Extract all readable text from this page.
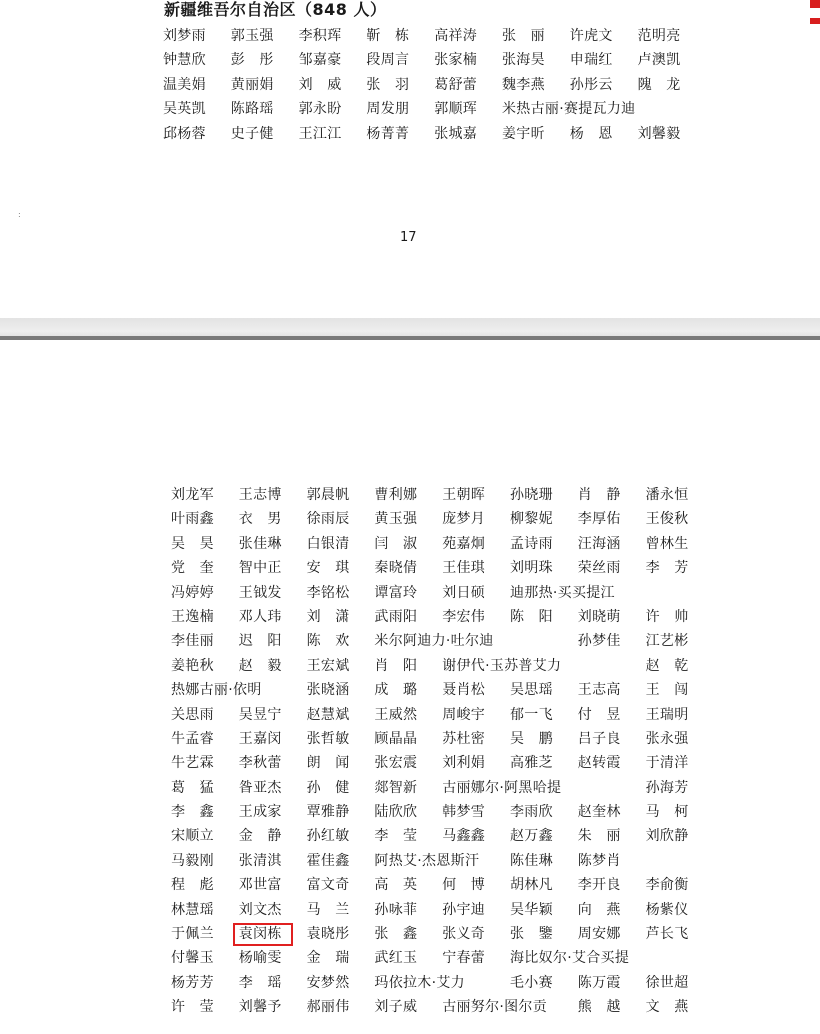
新疆维吾尔自治区（848 人）
刘梦雨 郭玉强 李积珲 靳　栋 高祥涛 张　丽 许虎文 范明亮
钟慧欣 彭　彤 邹嘉豪 段周言 张家楠 张海昊 申瑞红 卢澳凯
温美娟 黄丽娟 刘　威 张　羽 葛舒蕾 魏李燕 孙彤云 隗　龙
吴英凯 陈路瑶 郭永盼 周发朋 郭顺珲 米热古丽·赛提瓦力迪
邱杨蓉 史子健 王江江 杨菁菁 张城嘉 姜宇昕 杨　恩 刘馨毅
17
:
刘龙军 王志博 郭晨帆 曹利娜 王朝晖 孙晓珊 肖　静 潘永恒
叶雨鑫 衣　男 徐雨辰 黄玉强 庞梦月 柳黎妮 李厚佑 王俊秋
吴　昊 张佳琳 白银清 闫　淑 苑嘉炯 孟诗雨 汪海涵 曾林生
党　奎 智中正 安　琪 秦晓倩 王佳琪 刘明珠 荣丝雨 李　芳
冯婷婷 王钺发 李铭松 谭富玲 刘日硕 迪那热·买买提江
王逸楠 邓人玮 刘　潇 武雨阳 李宏伟 陈　阳 刘晓萌 许　帅
李佳丽 迟　阳 陈　欢 米尔阿迪力·吐尔迪	孙梦佳 江艺彬
姜艳秋 赵　毅 王宏斌 肖　阳 谢伊代·玉苏普艾力	赵　乾
热娜古丽·依明	张晓涵 成　璐 聂肖松 吴思瑶 王志高 王　闯
关思雨 吴昱宁 赵慧斌 王威然 周峻宇 郁一飞 付　昱 王瑞明
牛孟睿 王嘉闵 张哲敏 顾晶晶 苏杜密 吴　鹏 吕子良 张永强
牛艺霖 李秋蕾 朗　闻 张宏震 刘利娟 高雅芝 赵转霞 于清洋
葛　猛 昝亚杰 孙　健 郯智新 古丽娜尔·阿黑哈提	孙海芳
李　鑫 王成家 覃雅静 陆欣欣 韩梦雪 李雨欣 赵奎林 马　柯
宋顺立 金　静 孙红敏 李　莹 马鑫鑫 赵万鑫 朱　丽 刘欣静
马毅刚 张清淇 霍佳鑫 阿热艾·杰恩斯汗 陈佳琳 陈梦肖
程　彪 邓世富 富文奇 高　英 何　博 胡林凡 李开良 李俞衡
林慧瑶 刘文杰 马　兰 孙咏菲 孙宇迪 吴华颖 向　燕 杨紫仪
于佩兰 袁闵栋 袁晓彤 张　鑫 张义奇 张　鑒 周安娜 芦长飞
付馨玉 杨喻雯 金　瑞 武红玉 宁春蕾 海比奴尔·艾合买提
杨芳芳 李　瑶 安梦然 玛依拉木·艾力	毛小赛 陈万霞 徐世超
许　莹 刘馨予 郝丽伟 刘子威 古丽努尔·图尔贡 熊　越 文　燕
